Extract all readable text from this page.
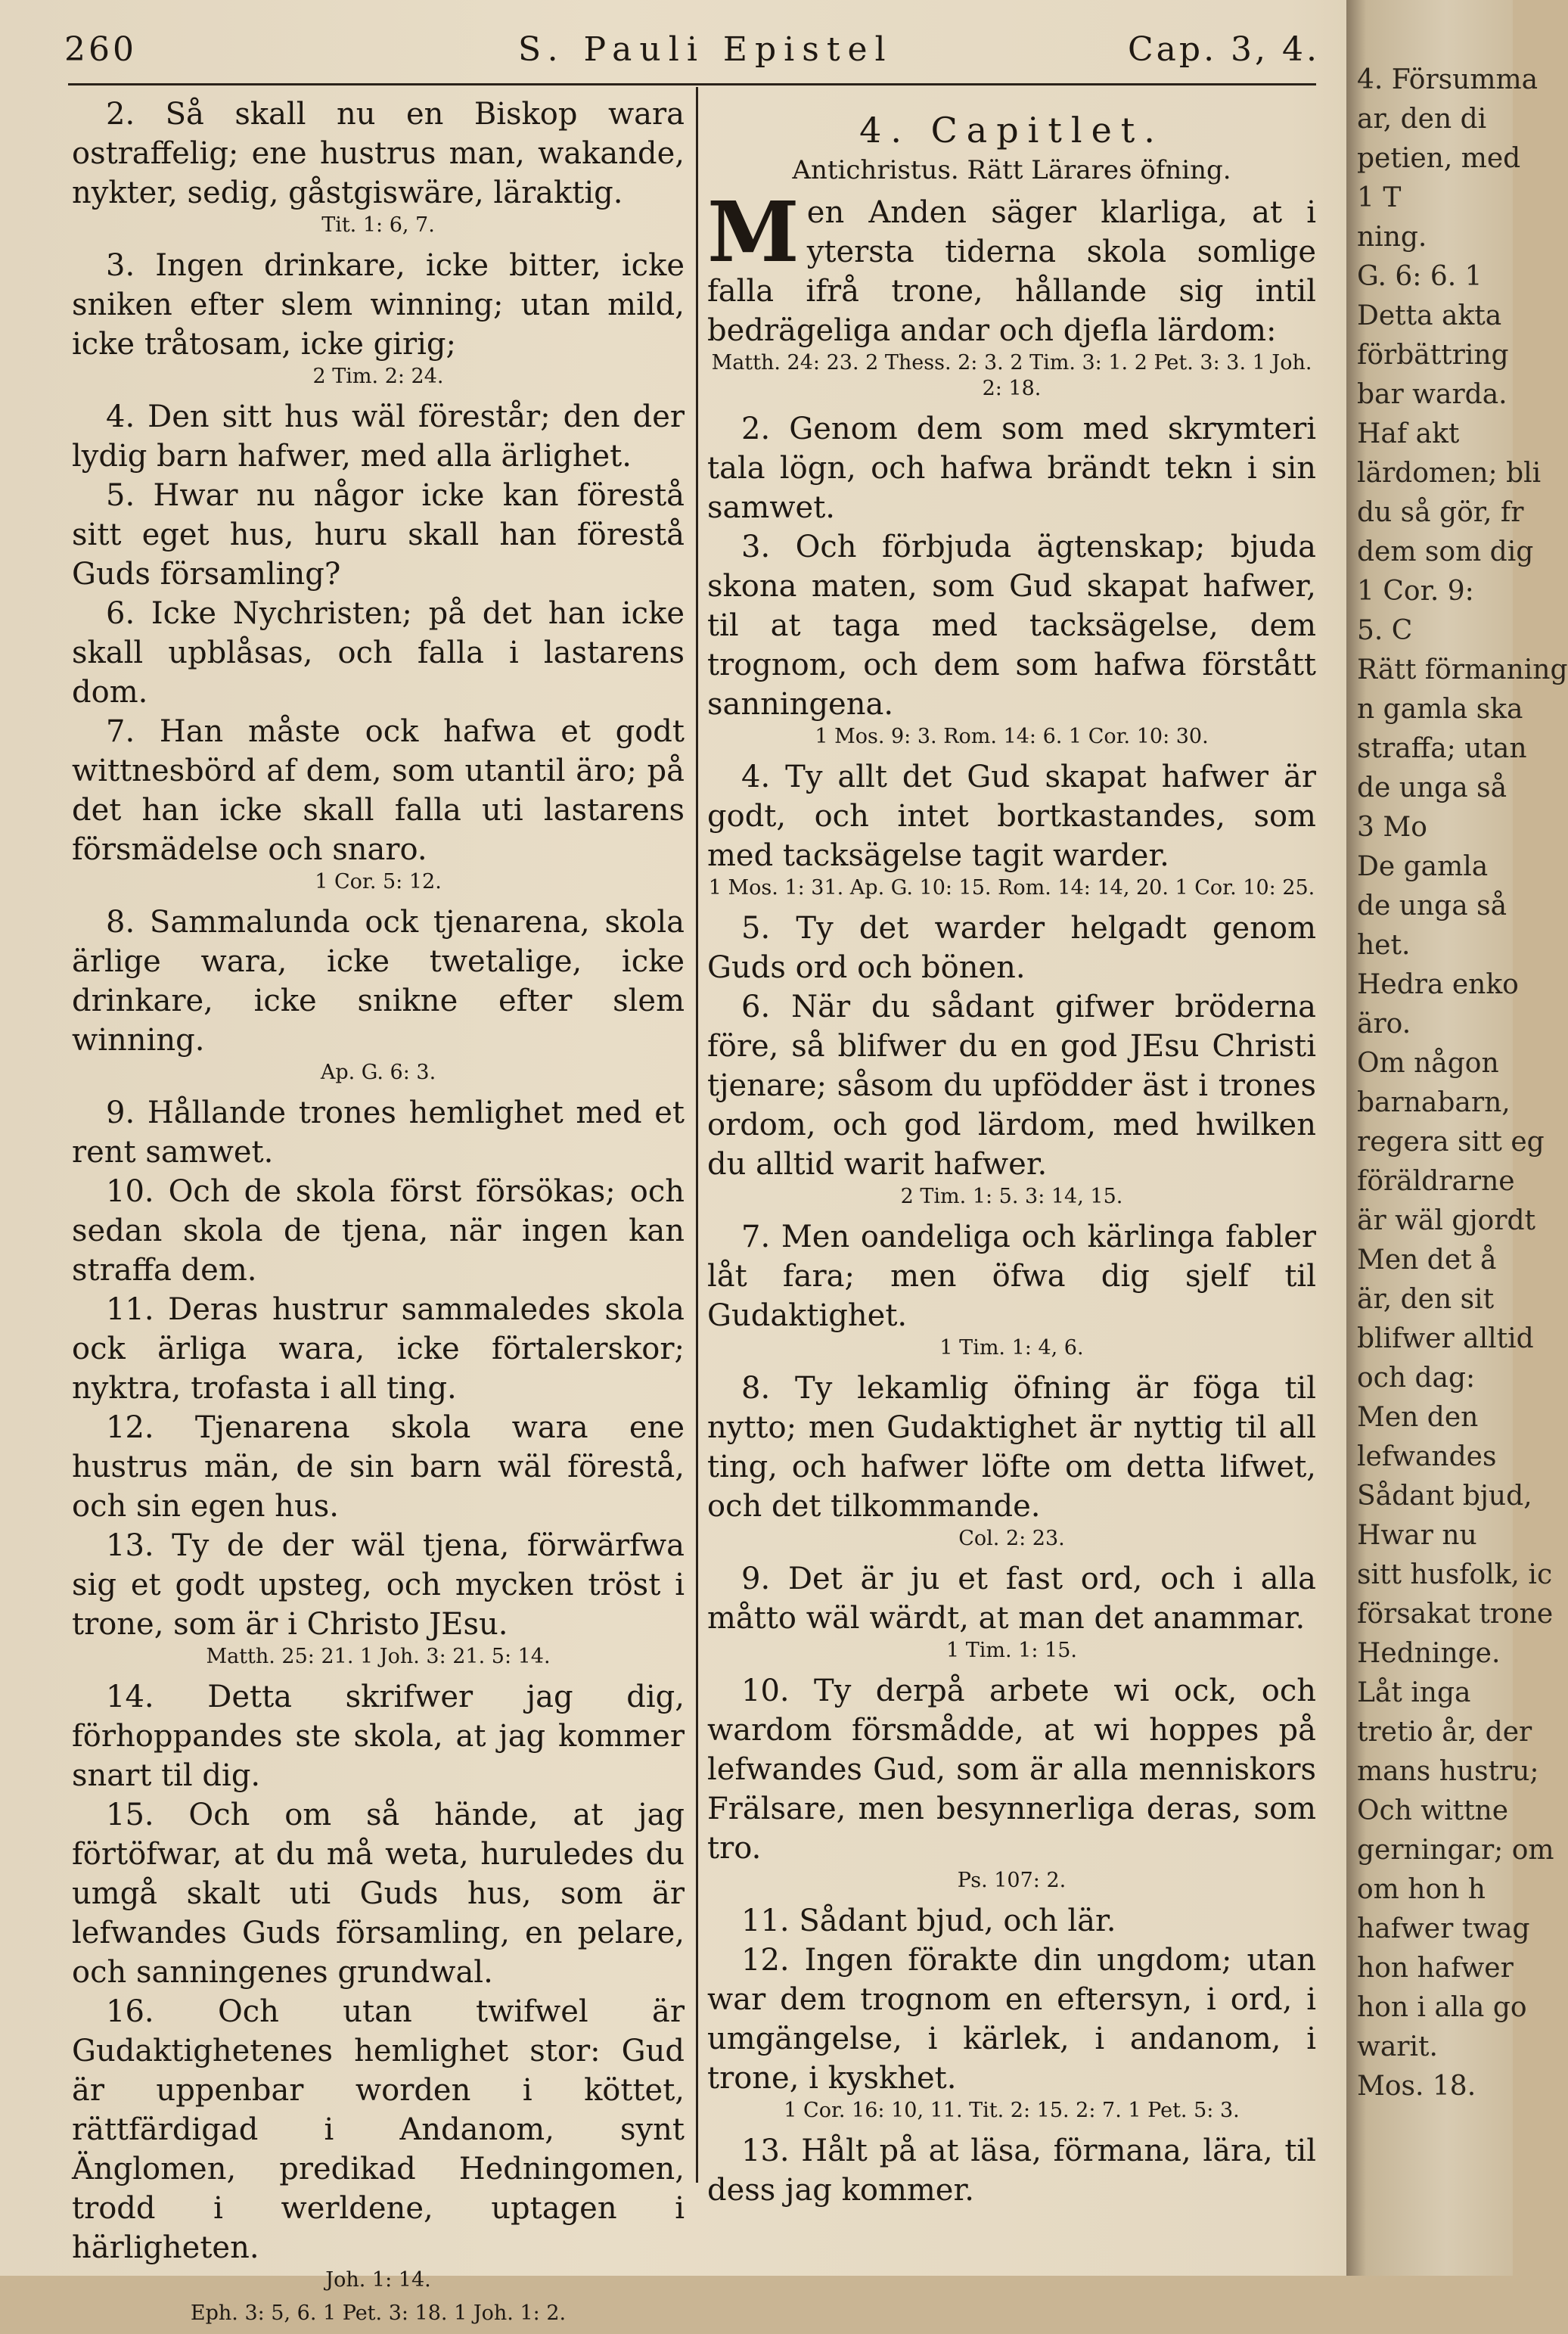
260	S. Pauli Epistel	Cap. 3, 4.

2. Så skall nu en Biskop wara ostraffelig; ene hustrus man, wakande, nykter, sedig, gåstgiswäre, läraktig.

Tit. 1: 6, 7.

3. Ingen drinkare, icke bitter, icke sniken efter slem winning; utan mild, icke tråtosam, icke girig;

2 Tim. 2: 24.

4. Den sitt hus wäl förestår; den der lydig barn hafwer, med alla ärlighet.

5. Hwar nu någor icke kan förestå sitt eget hus, huru skall han förestå Guds församling?

6. Icke Nychristen; på det han icke skall upblåsas, och falla i lastarens dom.

7. Han måste ock hafwa et godt wittnesbörd af dem, som utantil äro; på det han icke skall falla uti lastarens försmädelse och snaro.

1 Cor. 5: 12.

8. Sammalunda ock tjenarena, skola ärlige wara, icke twetalige, icke drinkare, icke snikne efter slem winning.

Ap. G. 6: 3.

9. Hållande trones hemlighet med et rent samwet.

10. Och de skola först försökas; och sedan skola de tjena, när ingen kan straffa dem.

11. Deras hustrur sammaledes skola ock ärliga wara, icke förtalerskor; nyktra, trofasta i all ting.

12. Tjenarena skola wara ene hustrus män, de sin barn wäl förestå, och sin egen hus.

13. Ty de der wäl tjena, förwärfwa sig et godt upsteg, och mycken tröst i trone, som är i Christo JEsu.

Matth. 25: 21. 1 Joh. 3: 21. 5: 14.

14. Detta skrifwer jag dig, förhoppandes ste skola, at jag kommer snart til dig.

15. Och om så hände, at jag förtöfwar, at du må weta, huruledes du umgå skalt uti Guds hus, som är lefwandes Guds församling, en pelare, och sanningenes grundwal.

16. Och utan twifwel är Gudaktighetenes hemlighet stor: Gud är uppenbar worden i köttet, rättfärdigad i Andanom, synt Änglomen, predikad Hedningomen, trodd i werldene, uptagen i härligheten.

Joh. 1: 14.

Eph. 3: 5, 6. 1 Pet. 3: 18. 1 Joh. 1: 2.

4. Capitlet.
Antichristus. Rätt Lärares öfning.

M en Anden säger klarliga, at i ytersta tiderna skola somlige falla ifrå trone, hållande sig intil bedrägeliga andar och djefla lärdom:

Matth. 24: 23. 2 Thess. 2: 3. 2 Tim. 3: 1. 2 Pet. 3: 3. 1 Joh. 2: 18.

2. Genom dem som med skrymteri tala lögn, och hafwa brändt tekn i sin samwet.

3. Och förbjuda ägtenskap; bjuda skona maten, som Gud skapat hafwer, til at taga med tacksägelse, dem trognom, och dem som hafwa förstått sanningena.

1 Mos. 9: 3. Rom. 14: 6. 1 Cor. 10: 30.

4. Ty allt det Gud skapat hafwer är godt, och intet bortkastandes, som med tacksägelse tagit warder.

1 Mos. 1: 31. Ap. G. 10: 15. Rom. 14: 14, 20. 1 Cor. 10: 25.

5. Ty det warder helgadt genom Guds ord och bönen.

6. När du sådant gifwer bröderna före, så blifwer du en god JEsu Christi tjenare; såsom du upfödder äst i trones ordom, och god lärdom, med hwilken du alltid warit hafwer.

2 Tim. 1: 5. 3: 14, 15.

7. Men oandeliga och kärlinga fabler låt fara; men öfwa dig sjelf til Gudaktighet.

1 Tim. 1: 4, 6.

8. Ty lekamlig öfning är föga til nytto; men Gudaktighet är nyttig til all ting, och hafwer löfte om detta lifwet, och det tilkommande.

Col. 2: 23.

9. Det är ju et fast ord, och i alla måtto wäl wärdt, at man det anammar.

1 Tim. 1: 15.

10. Ty derpå arbete wi ock, och wardom försmådde, at wi hoppes på lefwandes Gud, som är alla menniskors Frälsare, men besynnerliga deras, som tro.

Ps. 107: 2.

11. Sådant bjud, och lär.

12. Ingen förakte din ungdom; utan war dem trognom en eftersyn, i ord, i umgängelse, i kärlek, i andanom, i trone, i kyskhet.

1 Cor. 16: 10, 11. Tit. 2: 15. 2: 7. 1 Pet. 5: 3.

13. Hålt på at läsa, förmana, lära, til dess jag kommer.

4. Försumma

ar, den di

petien, med

1 T

ning.

G. 6: 6. 1

Detta akta

förbättring

bar warda.

Haf akt

lärdomen; bli

du så gör, fr

dem som dig

1 Cor. 9:

5. C

Rätt förmaning

n gamla ska

straffa; utan

de unga så

3 Mo

De gamla

de unga så

het.

Hedra enko

äro.

Om någon

barnabarn,

regera sitt eg

föräldrarne

är wäl gjordt

Men det å

är, den sit

blifwer alltid

och dag:

Men den

lefwandes

Sådant bjud,

Hwar nu

sitt husfolk, ic

försakat trone

Hedninge.

Låt inga

tretio år, der

mans hustru;

Och wittne

gerningar; om

om hon h

hafwer twag

hon hafwer

hon i alla go

warit.

Mos. 18.
